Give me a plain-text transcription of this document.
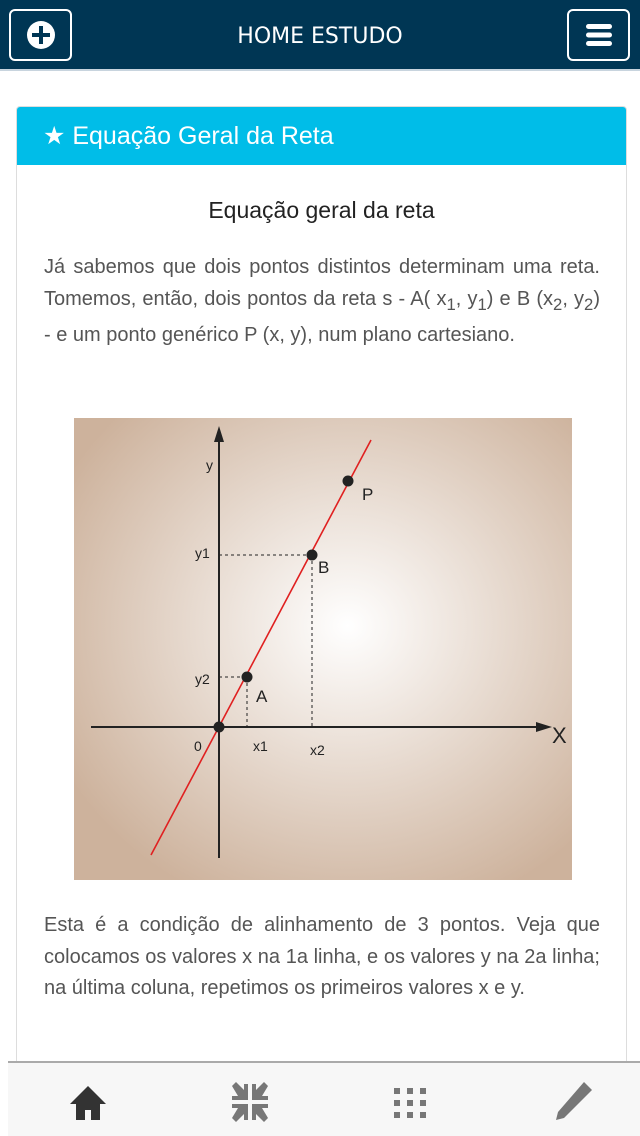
HOME ESTUDO
★ Equação Geral da Reta
Equação geral da reta
Já sabemos que dois pontos distintos determinam uma reta. Tomemos, então, dois pontos da reta s - A( $x_1$, $y_1$) e B ($x_2$, $y_2$) - e um ponto genérico P (x, y), num plano cartesiano.
y
X
0
y1
y2
x1	x2
A
B
P
Esta é a condição de alinhamento de 3 pontos. Veja que colocamos os valores x na 1a linha, e os valores y na 2a linha; na última coluna, repetimos os primeiros valores x e y.
